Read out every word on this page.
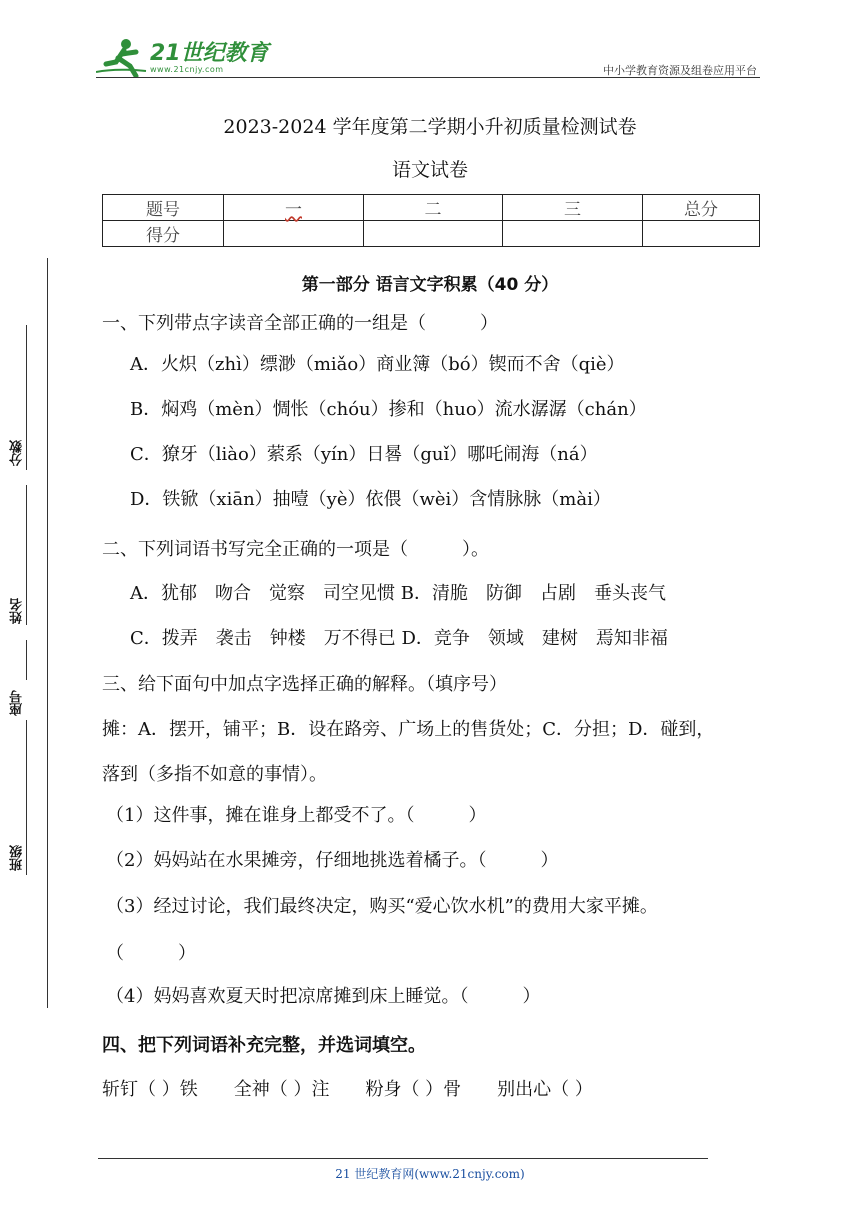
21世纪教育
www.21cnjy.com	中小学教育资源及组卷应用平台
2023-2024 学年度第二学期小升初质量检测试卷
语文试卷
题号	一	二	三	总分
得分				
分数
姓名
座号
班级
第一部分 语言文字积累（40 分）
一、下列带点字读音全部正确的一组是（　　　）
A．火炽（zhì）缥渺（miǎo）商业簿（bó）锲而不舍（qiè）
B．焖鸡（mèn）惆怅（chóu）掺和（huo）流水潺潺（chán）
C．獠牙（liào）萦系（yín）日晷（guǐ）哪吒闹海（ná）
D．铁锨（xiān）抽噎（yè）依偎（wèi）含情脉脉（mài）
二、下列词语书写完全正确的一项是（　　　）。
A．犹郁　吻合　觉察　司空见惯 B．清脆　防御　占剧　垂头丧气
C．拨弄　袭击　钟楼　万不得已 D．竞争　领域　建树　焉知非福
三、给下面句中加点字选择正确的解释。（填序号）
摊：A．摆开，铺平；B．设在路旁、广场上的售货处；C．分担；D．碰到，
落到（多指不如意的事情）。
（1）这件事，摊在谁身上都受不了。（　　　）
（2）妈妈站在水果摊旁，仔细地挑选着橘子。（　　　）
（3）经过讨论，我们最终决定，购买“爱心饮水机”的费用大家平摊。
（　　　）
（4）妈妈喜欢夏天时把凉席摊到床上睡觉。（　　　）
四、把下列词语补充完整，并选词填空。
斩钉（ ）铁　　全神（ ）注　　粉身（ ）骨　　别出心（ ）
21 世纪教育网(www.21cnjy.com)
